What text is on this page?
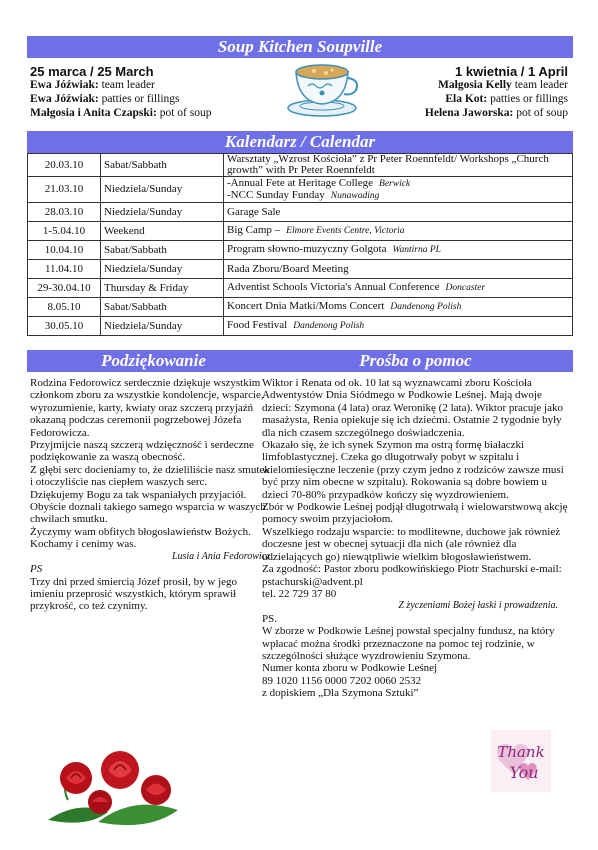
Soup Kitchen Soupville
25 marca / 25 March	1 kwietnia / 1 April
Ewa Jóźwiak: team leader
Ewa Jóźwiak: patties or fillings
Małgosia i Anita Czapski: pot of soup
Małgosia Kelly team leader
Ela Kot: patties or fillings
Helena Jaworska: pot of soup
Kalendarz / Calendar
20.03.10	Sabat/Sabbath	Warsztaty „Wzrost Kościoła” z Pr Peter Roennfeldt/ Workshops „Church growth” with Pr Peter Roennfeldt
21.03.10	Niedziela/Sunday	-Annual Fete at Heritage College Berwick
-NCC Sunday Funday Nunawading
28.03.10	Niedziela/Sunday	Garage Sale
1-5.04.10	Weekend	Big Camp – Elmore Events Centre, Victoria
10.04.10	Sabat/Sabbath	Program słowno-muzyczny Golgota Wantirna PL
11.04.10	Niedziela/Sunday	Rada Zboru/Board Meeting
29-30.04.10	Thursday & Friday	Adventist Schools Victoria's Annual Conference Doncaster
8.05.10	Sabat/Sabbath	Koncert Dnia Matki/Moms Concert Dandenong Polish
30.05.10	Niedziela/Sunday	Food Festival Dandenong Polish
Podziękowanie	Prośba o pomoc

Rodzina Fedorowicz serdecznie dziękuje wszystkim członkom zboru za wszystkie kondolencje, wsparcie, wyrozumienie, karty, kwiaty oraz szczerą przyjaźń okazaną podczas ceremonii pogrzebowej Józefa Fedorowicza.

Przyjmijcie naszą szczerą wdzięczność i serdeczne podziękowanie za waszą obecność.

Z głębi serc docieniamy to, że dzieliliście nasz smutek i otoczyliście nas ciepłem waszych serc.

Dziękujemy Bogu za tak wspaniałych przyjaciół.

Obyście doznali takiego samego wsparcia w waszych chwilach smutku.

Życzymy wam obfitych błogosławieństw Bożych.

Kochamy i cenimy was.

Lusia i Ania Fedorowicz

PS

Trzy dni przed śmiercią Józef prosił, by w jego imieniu przeprosić wszystkich, którym sprawił przykrość, co też czynimy.

Wiktor i Renata od ok. 10 lat są wyznawcami zboru Kościoła Adwentystów Dnia Siódmego w Podkowie Leśnej. Mają dwoje dzieci: Szymona (4 lata) oraz Weronikę (2 lata). Wiktor pracuje jako masażysta, Renia opiekuje się ich dziećmi. Ostatnie 2 tygodnie były dla nich czasem szczególnego doświadczenia.

Okazało się, że ich synek Szymon ma ostrą formę białaczki limfoblastycznej. Czeka go długotrwały pobyt w szpitalu i wielomiesięczne leczenie (przy czym jedno z rodziców zawsze musi być przy nim obecne w szpitalu). Rokowania są dobre bowiem u dzieci 70-80% przypadków kończy się wyzdrowieniem.

Zbór w Podkowie Leśnej podjął długotrwałą i wielowarstwową akcję pomocy swoim przyjaciołom.

Wszelkiego rodzaju wsparcie: to modlitewne, duchowe jak również doczesne jest w obecnej sytuacji dla nich (ale również dla udzielających go) niewątpliwie wielkim błogosławieństwem.

Za zgodność: Pastor zboru podkowińskiego Piotr Stachurski e-mail: pstachurski@advent.pl

tel. 22 729 37 80

Z życzeniami Bożej łaski i prowadzenia.

PS.

W zborze w Podkowie Leśnej powstał specjalny fundusz, na który wpłacać można środki przeznaczone na pomoc tej rodzinie, w szczególności służące wyzdrowieniu Szymona.

Numer konta zboru w Podkowie Leśnej

89 1020 1156 0000 7202 0060 2532

z dopiskiem „Dla Szymona Sztuki”

Thank
You
